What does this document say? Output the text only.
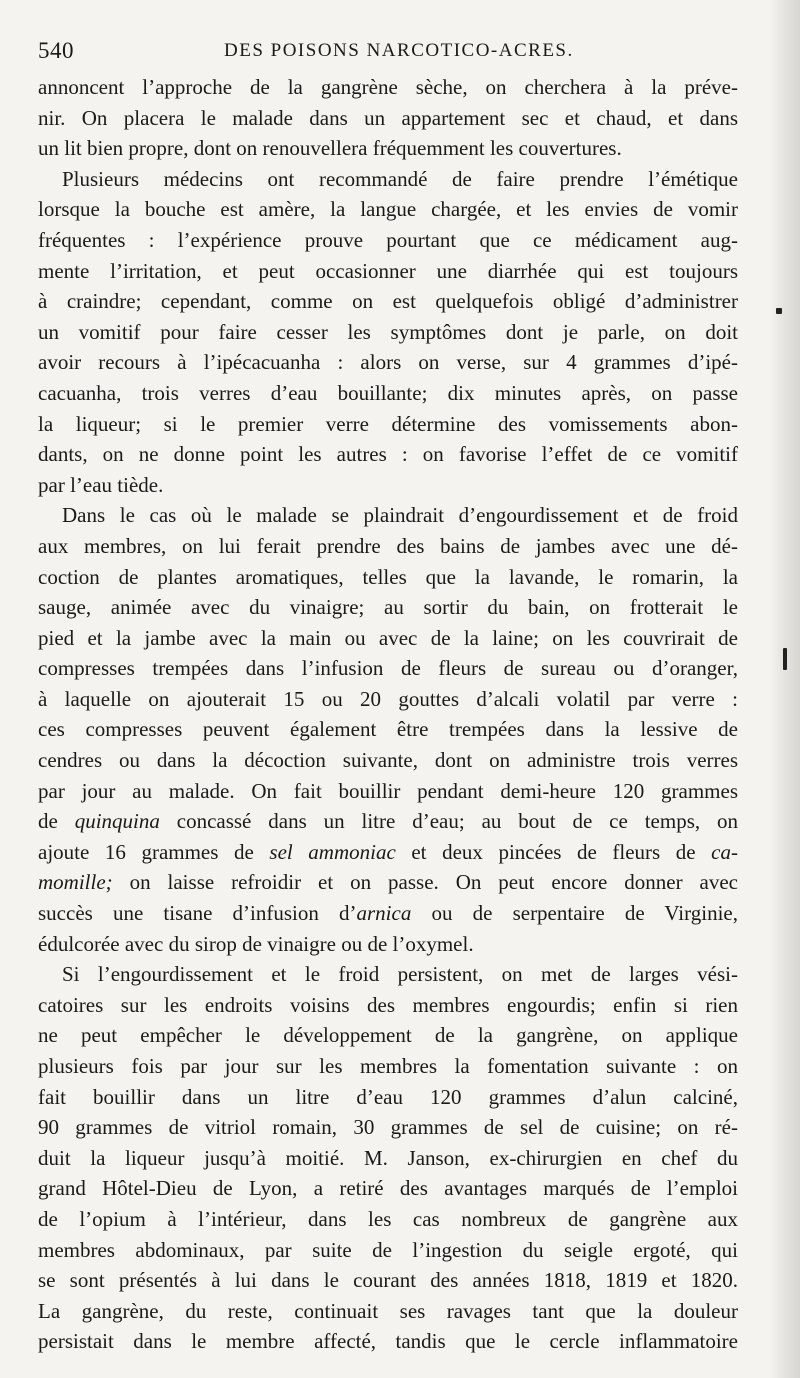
540	DES POISONS NARCOTICO-ACRES.
annoncent l’approche de la gangrène sèche, on cherchera à la préve-
nir. On placera le malade dans un appartement sec et chaud, et dans
un lit bien propre, dont on renouvellera fréquemment les couvertures.
Plusieurs médecins ont recommandé de faire prendre l’émétique
lorsque la bouche est amère, la langue chargée, et les envies de vomir
fréquentes : l’expérience prouve pourtant que ce médicament aug-
mente l’irritation, et peut occasionner une diarrhée qui est toujours
à craindre; cependant, comme on est quelquefois obligé d’administrer
un vomitif pour faire cesser les symptômes dont je parle, on doit
avoir recours à l’ipécacuanha : alors on verse, sur 4 grammes d’ipé-
cacuanha, trois verres d’eau bouillante; dix minutes après, on passe
la liqueur; si le premier verre détermine des vomissements abon-
dants, on ne donne point les autres : on favorise l’effet de ce vomitif
par l’eau tiède.
Dans le cas où le malade se plaindrait d’engourdissement et de froid
aux membres, on lui ferait prendre des bains de jambes avec une dé-
coction de plantes aromatiques, telles que la lavande, le romarin, la
sauge, animée avec du vinaigre; au sortir du bain, on frotterait le
pied et la jambe avec la main ou avec de la laine; on les couvrirait de
compresses trempées dans l’infusion de fleurs de sureau ou d’oranger,
à laquelle on ajouterait 15 ou 20 gouttes d’alcali volatil par verre :
ces compresses peuvent également être trempées dans la lessive de
cendres ou dans la décoction suivante, dont on administre trois verres
par jour au malade. On fait bouillir pendant demi-heure 120 grammes
de quinquina concassé dans un litre d’eau; au bout de ce temps, on
ajoute 16 grammes de sel ammoniac et deux pincées de fleurs de ca-
momille; on laisse refroidir et on passe. On peut encore donner avec
succès une tisane d’infusion d’arnica ou de serpentaire de Virginie,
édulcorée avec du sirop de vinaigre ou de l’oxymel.
Si l’engourdissement et le froid persistent, on met de larges vési-
catoires sur les endroits voisins des membres engourdis; enfin si rien
ne peut empêcher le développement de la gangrène, on applique
plusieurs fois par jour sur les membres la fomentation suivante : on
fait bouillir dans un litre d’eau 120 grammes d’alun calciné,
90 grammes de vitriol romain, 30 grammes de sel de cuisine; on ré-
duit la liqueur jusqu’à moitié. M. Janson, ex-chirurgien en chef du
grand Hôtel-Dieu de Lyon, a retiré des avantages marqués de l’emploi
de l’opium à l’intérieur, dans les cas nombreux de gangrène aux
membres abdominaux, par suite de l’ingestion du seigle ergoté, qui
se sont présentés à lui dans le courant des années 1818, 1819 et 1820.
La gangrène, du reste, continuait ses ravages tant que la douleur
persistait dans le membre affecté, tandis que le cercle inflammatoire
